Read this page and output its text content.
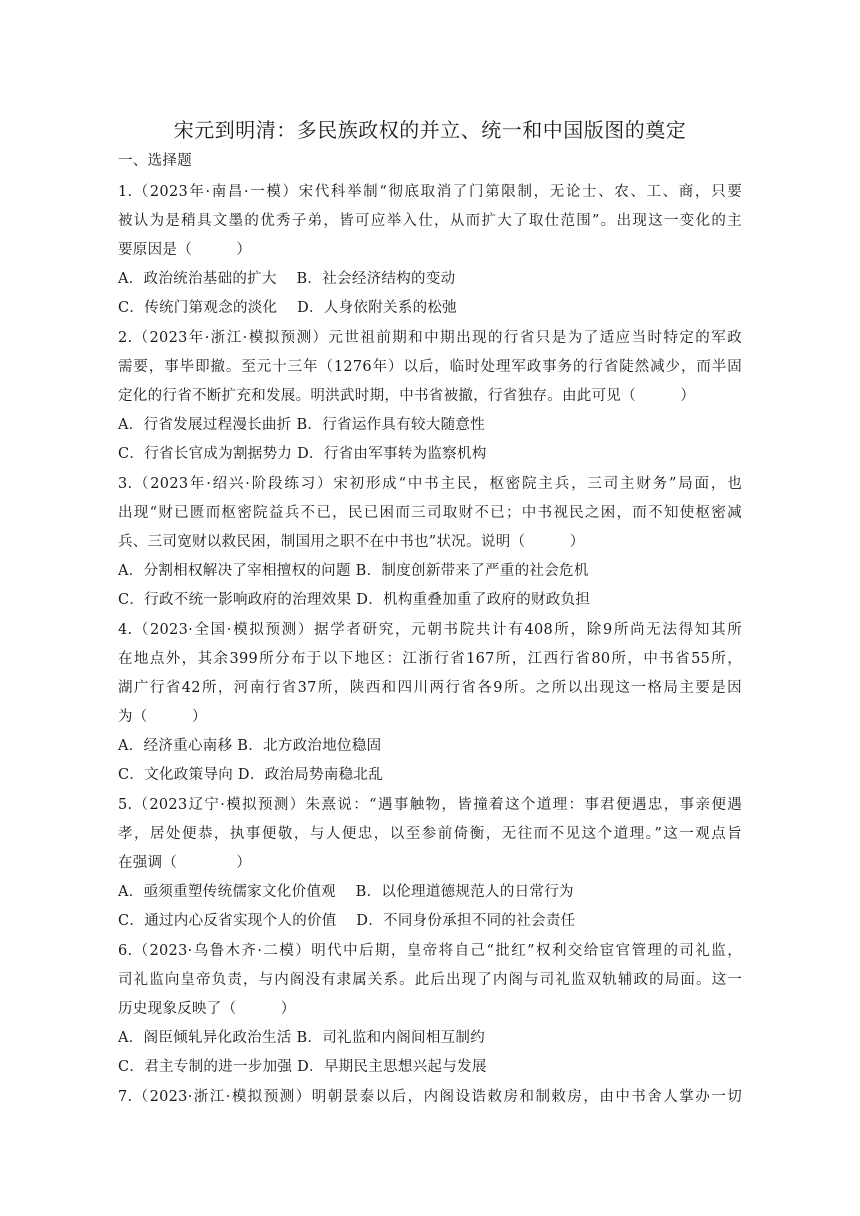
宋元到明清：多民族政权的并立、统一和中国版图的奠定
一、选择题
1.（2023年·南昌·一模）宋代科举制“彻底取消了门第限制，无论士、农、工、商，只要
被认为是稍具文墨的优秀子弟，皆可应举入仕，从而扩大了取仕范围”。出现这一变化的主
要原因是（　　　）
A．政治统治基础的扩大　 B．社会经济结构的变动
C．传统门第观念的淡化　 D．人身依附关系的松弛
2.（2023年·浙江·模拟预测）元世祖前期和中期出现的行省只是为了适应当时特定的军政
需要，事毕即撤。至元十三年（1276年）以后，临时处理军政事务的行省陡然减少，而半固
定化的行省不断扩充和发展。明洪武时期，中书省被撤，行省独存。由此可见（　　　）
A．行省发展过程漫长曲折 B．行省运作具有较大随意性
C．行省长官成为割据势力 D．行省由军事转为监察机构
3.（2023年·绍兴·阶段练习）宋初形成“中书主民，枢密院主兵，三司主财务”局面，也
出现“财已匮而枢密院益兵不已，民已困而三司取财不已；中书视民之困，而不知使枢密减
兵、三司宽财以救民困，制国用之职不在中书也”状况。说明（　　　）
A．分割相权解决了宰相擅权的问题 B．制度创新带来了严重的社会危机
C．行政不统一影响政府的治理效果 D．机构重叠加重了政府的财政负担
4.（2023·全国·模拟预测）据学者研究，元朝书院共计有408所，除9所尚无法得知其所
在地点外，其余399所分布于以下地区：江浙行省167所，江西行省80所，中书省55所，
湖广行省42所，河南行省37所，陕西和四川两行省各9所。之所以出现这一格局主要是因
为（　　　）
A．经济重心南移 B．北方政治地位稳固
C．文化政策导向 D．政治局势南稳北乱
5.（2023辽宁·模拟预测）朱熹说：“遇事触物，皆撞着这个道理：事君便遇忠，事亲便遇
孝，居处便恭，执事便敬，与人便忠，以至参前倚衡，无往而不见这个道理。”这一观点旨
在强调（　　　　）
A．亟须重塑传统儒家文化价值观　 B．以伦理道德规范人的日常行为
C．通过内心反省实现个人的价值　 D．不同身份承担不同的社会责任
6.（2023·乌鲁木齐·二模）明代中后期，皇帝将自己“批红”权利交给宦官管理的司礼监，
司礼监向皇帝负责，与内阁没有隶属关系。此后出现了内阁与司礼监双轨辅政的局面。这一
历史现象反映了（　　　）
A．阁臣倾轧异化政治生活 B．司礼监和内阁间相互制约
C．君主专制的进一步加强 D．早期民主思想兴起与发展
7.（2023·浙江·模拟预测）明朝景泰以后，内阁设诰敕房和制敕房，由中书舍人掌办一切
